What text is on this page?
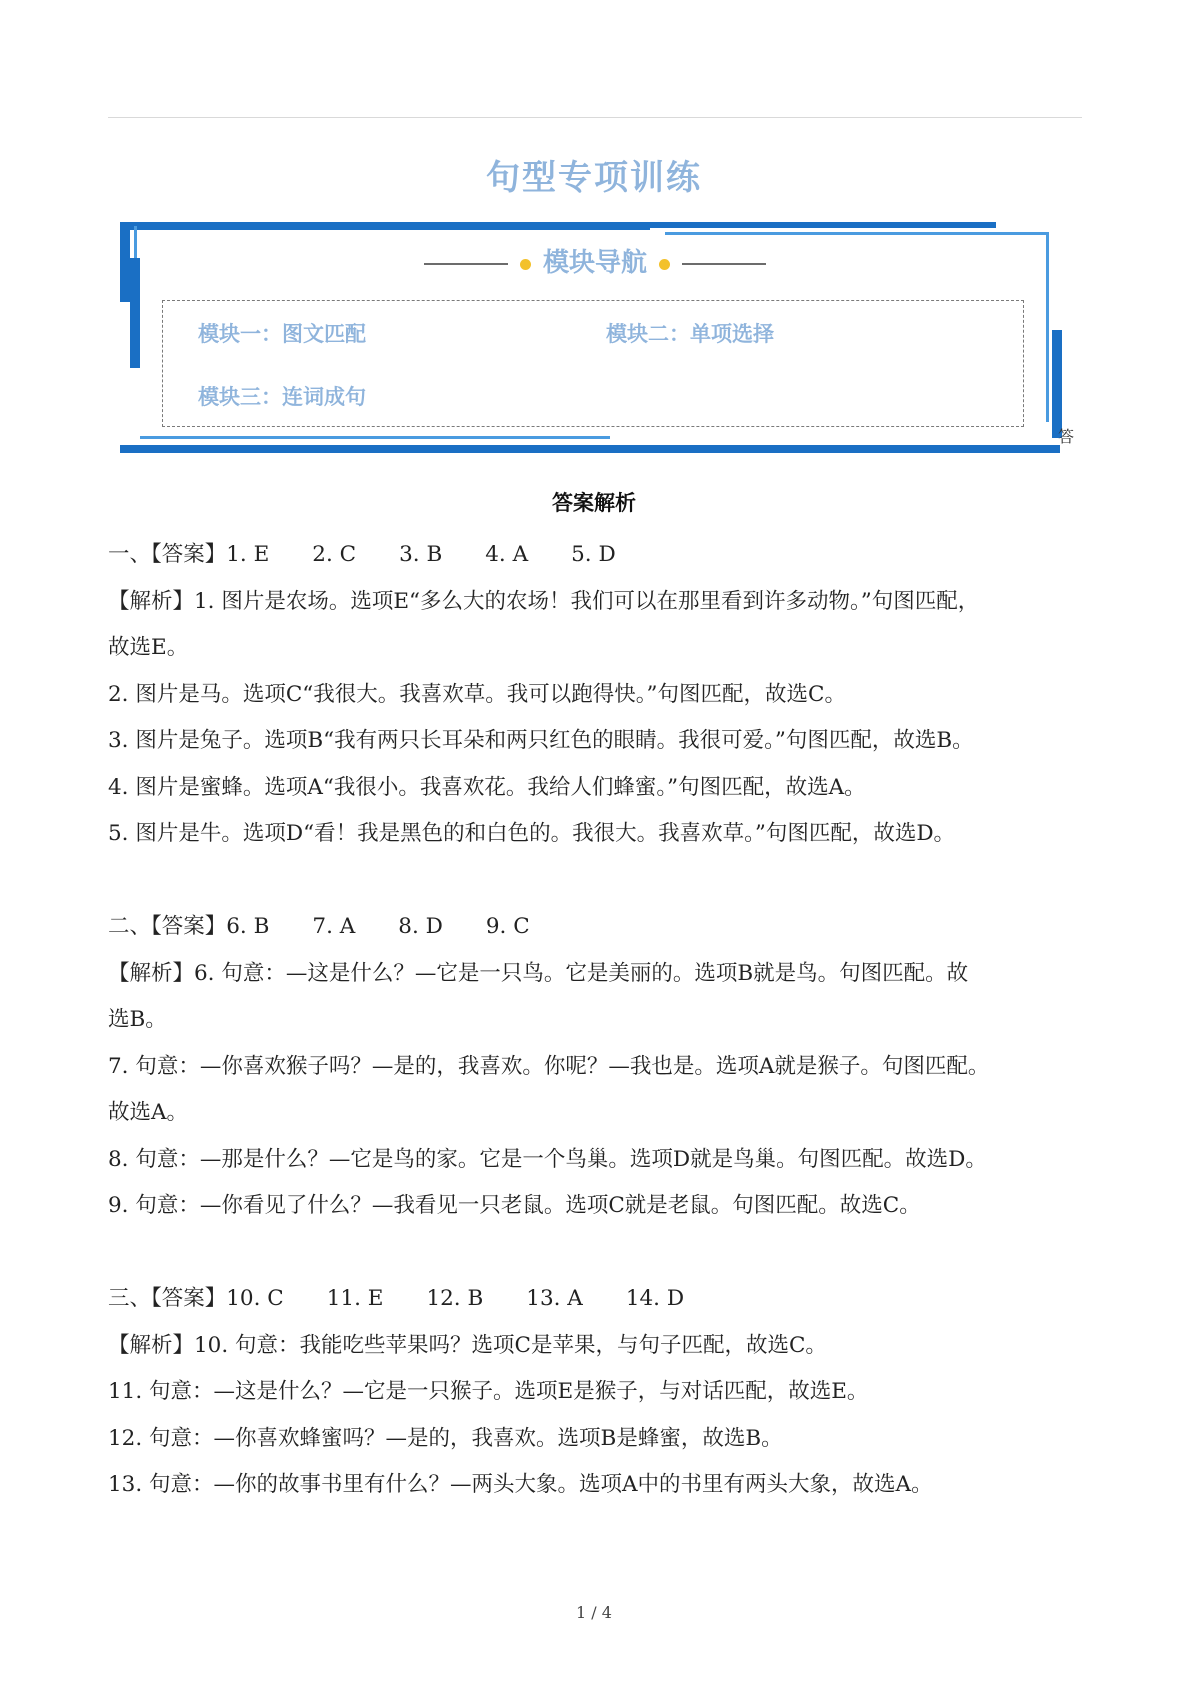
句型专项训练
模块导航
模块一：图文匹配	模块二：单项选择
模块三：连词成句
答
答案解析

一、【答案】1. E　　2. C　　3. B　　4. A　　5. D

【解析】1. 图片是农场。选项E“多么大的农场！我们可以在那里看到许多动物。”句图匹配，

故选E。

2. 图片是马。选项C“我很大。我喜欢草。我可以跑得快。”句图匹配，故选C。

3. 图片是兔子。选项B“我有两只长耳朵和两只红色的眼睛。我很可爱。”句图匹配，故选B。

4. 图片是蜜蜂。选项A“我很小。我喜欢花。我给人们蜂蜜。”句图匹配，故选A。

5. 图片是牛。选项D“看！我是黑色的和白色的。我很大。我喜欢草。”句图匹配，故选D。

二、【答案】6. B　　7. A　　8. D　　9. C

【解析】6. 句意：—这是什么？—它是一只鸟。它是美丽的。选项B就是鸟。句图匹配。故

选B。

7. 句意：—你喜欢猴子吗？—是的，我喜欢。你呢？—我也是。选项A就是猴子。句图匹配。

故选A。

8. 句意：—那是什么？—它是鸟的家。它是一个鸟巢。选项D就是鸟巢。句图匹配。故选D。

9. 句意：—你看见了什么？—我看见一只老鼠。选项C就是老鼠。句图匹配。故选C。

三、【答案】10. C　　11. E　　12. B　　13. A　　14. D

【解析】10. 句意：我能吃些苹果吗？选项C是苹果，与句子匹配，故选C。

11. 句意：—这是什么？—它是一只猴子。选项E是猴子，与对话匹配，故选E。

12. 句意：—你喜欢蜂蜜吗？—是的，我喜欢。选项B是蜂蜜，故选B。

13. 句意：—你的故事书里有什么？—两头大象。选项A中的书里有两头大象，故选A。

1 / 4
